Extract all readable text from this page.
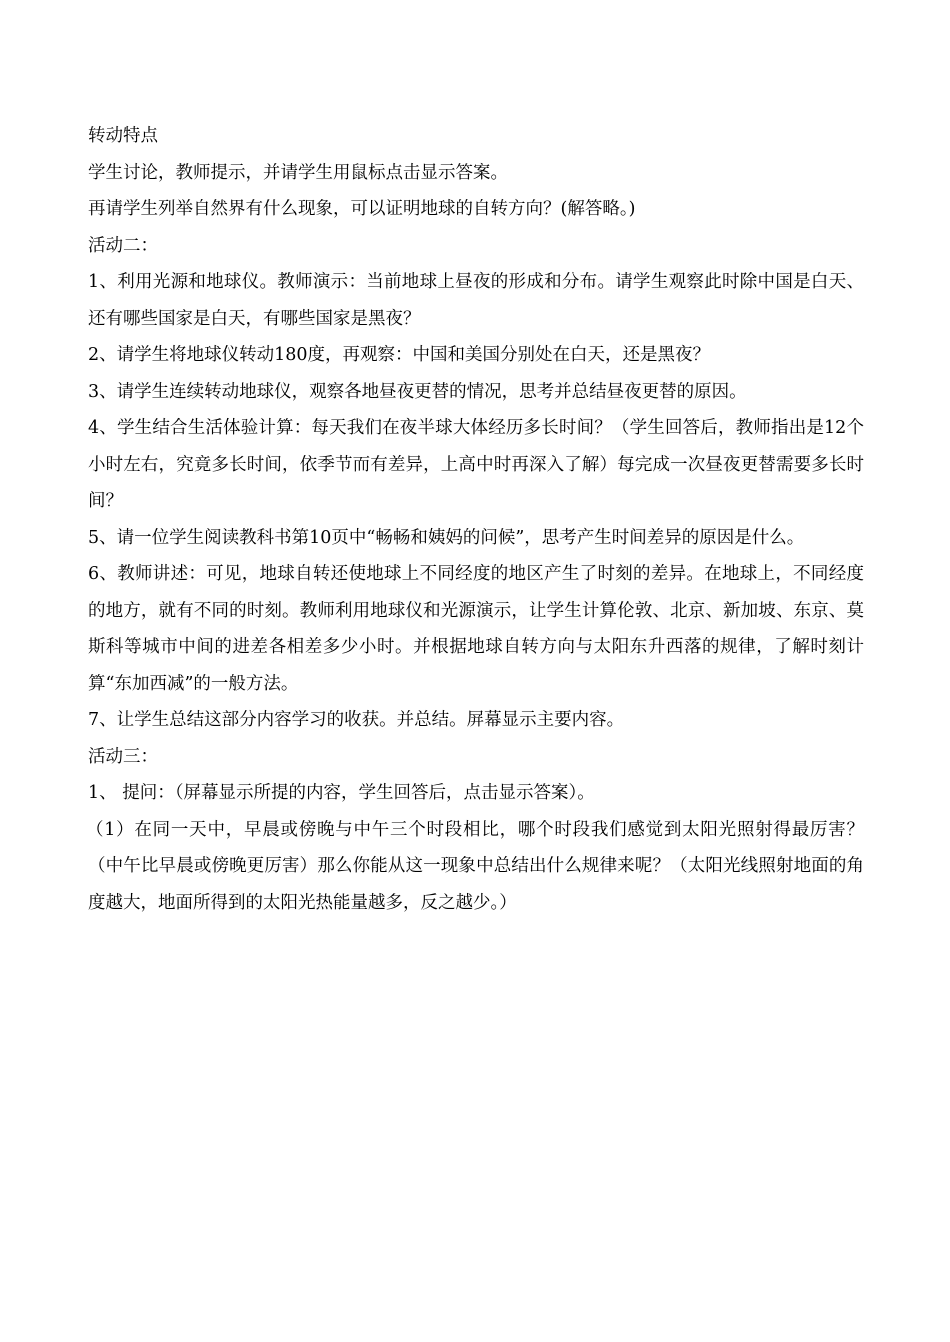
转动特点

学生讨论，教师提示，并请学生用鼠标点击显示答案。

再请学生列举自然界有什么现象，可以证明地球的自转方向？(解答略。)

活动二：

1、利用光源和地球仪。教师演示：当前地球上昼夜的形成和分布。请学生观察此时除中国是白天、还有哪些国家是白天，有哪些国家是黑夜？

2、请学生将地球仪转动180度，再观察：中国和美国分别处在白天，还是黑夜？

3、请学生连续转动地球仪，观察各地昼夜更替的情况，思考并总结昼夜更替的原因。

4、学生结合生活体验计算：每天我们在夜半球大体经历多长时间？（学生回答后，教师指出是12个小时左右，究竟多长时间，依季节而有差异，上高中时再深入了解）每完成一次昼夜更替需要多长时间？

5、请一位学生阅读教科书第10页中“畅畅和姨妈的问候”，思考产生时间差异的原因是什么。

6、教师讲述：可见，地球自转还使地球上不同经度的地区产生了时刻的差异。在地球上，不同经度的地方，就有不同的时刻。教师利用地球仪和光源演示，让学生计算伦敦、北京、新加坡、东京、莫斯科等城市中间的进差各相差多少小时。并根据地球自转方向与太阳东升西落的规律，了解时刻计算“东加西减”的一般方法。

7、让学生总结这部分内容学习的收获。并总结。屏幕显示主要内容。

活动三：

1、 提问：（屏幕显示所提的内容，学生回答后，点击显示答案）。

（1）在同一天中，早晨或傍晚与中午三个时段相比，哪个时段我们感觉到太阳光照射得最厉害？（中午比早晨或傍晚更厉害）那么你能从这一现象中总结出什么规律来呢？（太阳光线照射地面的角度越大，地面所得到的太阳光热能量越多，反之越少。）
